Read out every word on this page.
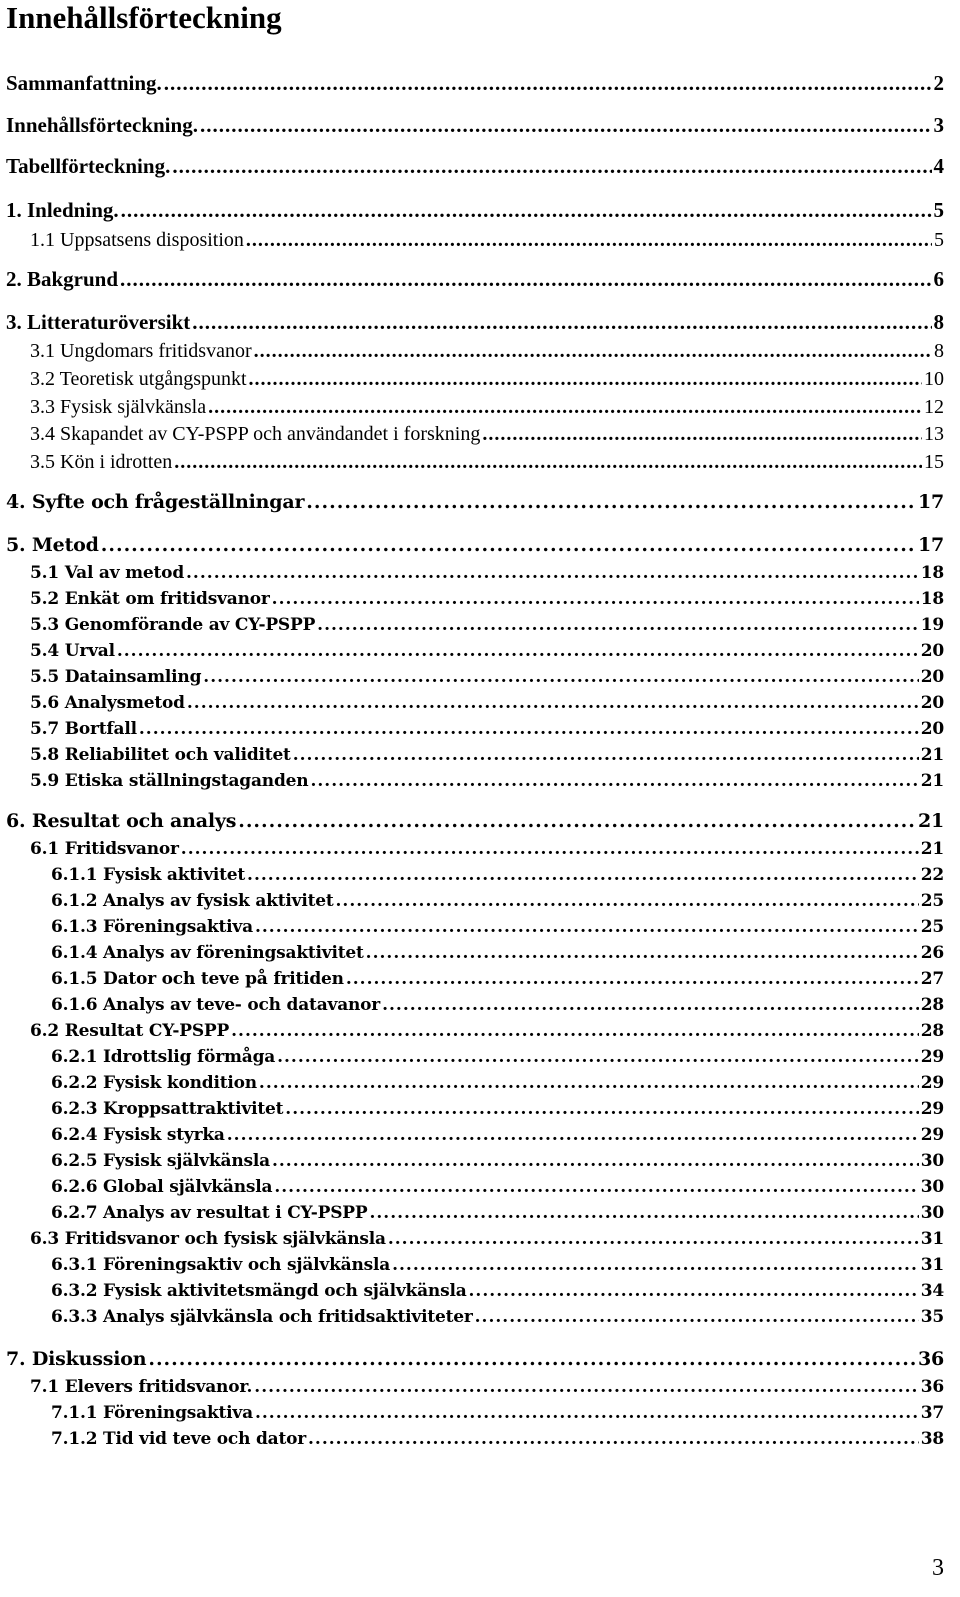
Innehållsförteckning
Sammanfattning. .....	2
Innehållsförteckning. .....	3
Tabellförteckning. .....	4
1. Inledning. .....	5
1.1 Uppsatsens disposition .....	5
2. Bakgrund .....	6
3. Litteraturöversikt .....	8
3.1 Ungdomars fritidsvanor .....	8
3.2 Teoretisk utgångspunkt .....	10
3.3 Fysisk självkänsla .....	12
3.4 Skapandet av CY-PSPP och användandet i forskning .....	13
3.5 Kön i idrotten .....	15
4. Syfte och frågeställningar .....	17
5. Metod .....	17
5.1 Val av metod .....	18
5.2 Enkät om fritidsvanor .....	18
5.3 Genomförande av CY-PSPP .....	19
5.4 Urval .....	20
5.5 Datainsamling .....	20
5.6 Analysmetod .....	20
5.7 Bortfall .....	20
5.8 Reliabilitet och validitet .....	21
5.9 Etiska ställningstaganden .....	21
6. Resultat och analys .....	21
6.1 Fritidsvanor .....	21
6.1.1 Fysisk aktivitet .....	22
6.1.2 Analys av fysisk aktivitet .....	25
6.1.3 Föreningsaktiva .....	25
6.1.4 Analys av föreningsaktivitet .....	26
6.1.5 Dator och teve på fritiden .....	27
6.1.6 Analys av teve- och datavanor .....	28
6.2 Resultat CY-PSPP .....	28
6.2.1 Idrottslig förmåga .....	29
6.2.2 Fysisk kondition .....	29
6.2.3 Kroppsattraktivitet .....	29
6.2.4 Fysisk styrka .....	29
6.2.5 Fysisk självkänsla .....	30
6.2.6 Global självkänsla .....	30
6.2.7 Analys av resultat i CY-PSPP .....	30
6.3 Fritidsvanor och fysisk självkänsla .....	31
6.3.1 Föreningsaktiv och självkänsla .....	31
6.3.2 Fysisk aktivitetsmängd och självkänsla .....	34
6.3.3 Analys självkänsla och fritidsaktiviteter .....	35
7. Diskussion .....	36
7.1 Elevers fritidsvanor. .....	36
7.1.1 Föreningsaktiva .....	37
7.1.2 Tid vid teve och dator .....	38
3
